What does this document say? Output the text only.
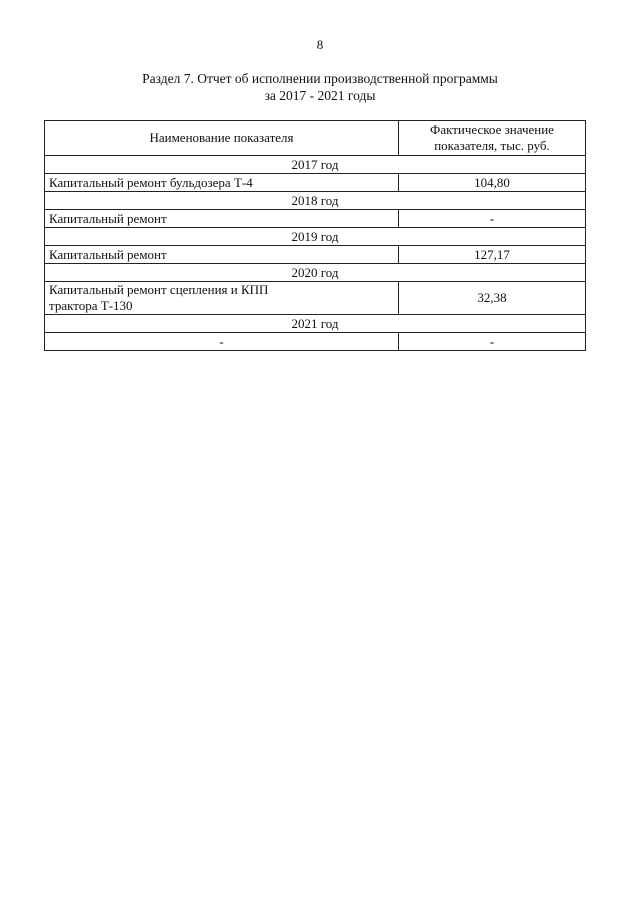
8
Раздел 7. Отчет об исполнении производственной программы
за 2017 - 2021 годы
Наименование показателя	Фактическое значение
показателя, тыс. руб.

2017 год	
Капитальный ремонт бульдозера Т-4	104,80
2018 год	
Капитальный ремонт	-
2019 год	
Капитальный ремонт	127,17
2020 год	

Капитальный ремонт сцепления и КПП
трактора Т-130	32,38
2021 год	
-	-
